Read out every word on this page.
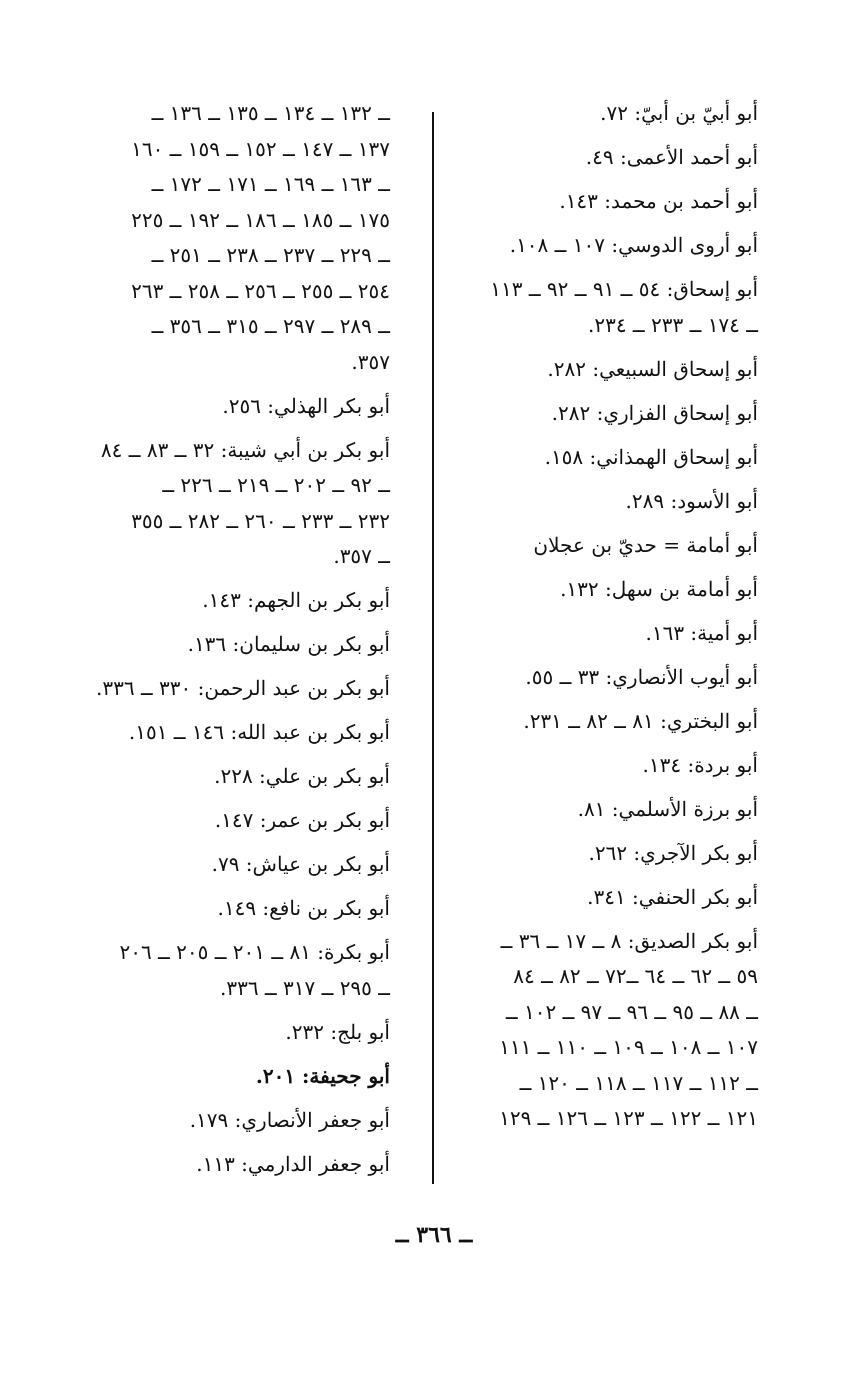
أبو أبيّ بن أبيّ: ٧٢.
أبو أحمد الأعمى: ٤٩.
أبو أحمد بن محمد: ١٤٣.
أبو أروى الدوسي: ١٠٧ ــ ١٠٨.
أبو إسحاق: ٥٤ ــ ٩١ ــ ٩٢ ــ ١١٣
ــ ١٧٤ ــ ٢٣٣ ــ ٢٣٤.
أبو إسحاق السبيعي: ٢٨٢.
أبو إسحاق الفزاري: ٢٨٢.
أبو إسحاق الهمذاني: ١٥٨.
أبو الأسود: ٢٨٩.
أبو أمامة = حديّ بن عجلان
أبو أمامة بن سهل: ١٣٢.
أبو أمية: ١٦٣.
أبو أيوب الأنصاري: ٣٣ ــ ٥٥.
أبو البختري: ٨١ ــ ٨٢ ــ ٢٣١.
أبو بردة: ١٣٤.
أبو برزة الأسلمي: ٨١.
أبو بكر الآجري: ٢٦٢.
أبو بكر الحنفي: ٣٤١.
أبو بكر الصديق: ٨ ــ ١٧ ــ ٣٦ ــ
٥٩ ــ ٦٢ ــ ٦٤ ــ٧٢ ــ ٨٢ ــ ٨٤
ــ ٨٨ ــ ٩٥ ــ ٩٦ ــ ٩٧ ــ ١٠٢ ــ
١٠٧ ــ ١٠٨ ــ ١٠٩ ــ ١١٠ ــ ١١١
ــ ١١٢ ــ ١١٧ ــ ١١٨ ــ ١٢٠ ــ
١٢١ ــ ١٢٢ ــ ١٢٣ ــ ١٢٦ ــ ١٢٩
ــ ١٣٢ ــ ١٣٤ ــ ١٣٥ ــ ١٣٦ ــ
١٣٧ ــ ١٤٧ ــ ١٥٢ ــ ١٥٩ ــ ١٦٠
ــ ١٦٣ ــ ١٦٩ ــ ١٧١ ــ ١٧٢ ــ
١٧٥ ــ ١٨٥ ــ ١٨٦ ــ ١٩٢ ــ ٢٢٥
ــ ٢٢٩ ــ ٢٣٧ ــ ٢٣٨ ــ ٢٥١ ــ
٢٥٤ ــ ٢٥٥ ــ ٢٥٦ ــ ٢٥٨ ــ ٢٦٣
ــ ٢٨٩ ــ ٢٩٧ ــ ٣١٥ ــ ٣٥٦ ــ
٣٥٧.
أبو بكر الهذلي: ٢٥٦.
أبو بكر بن أبي شيبة: ٣٢ ــ ٨٣ ــ ٨٤
ــ ٩٢ ــ ٢٠٢ ــ ٢١٩ ــ ٢٢٦ ــ
٢٣٢ ــ ٢٣٣ ــ ٢٦٠ ــ ٢٨٢ ــ ٣٥٥
ــ ٣٥٧.
أبو بكر بن الجهم: ١٤٣.
أبو بكر بن سليمان: ١٣٦.
أبو بكر بن عبد الرحمن: ٣٣٠ ــ ٣٣٦.
أبو بكر بن عبد الله: ١٤٦ ــ ١٥١.
أبو بكر بن علي: ٢٢٨.
أبو بكر بن عمر: ١٤٧.
أبو بكر بن عياش: ٧٩.
أبو بكر بن نافع: ١٤٩.
أبو بكرة: ٨١ ــ ٢٠١ ــ ٢٠٥ ــ ٢٠٦
ــ ٢٩٥ ــ ٣١٧ ــ ٣٣٦.
أبو بلج: ٢٣٢.
أبو جحيفة: ٢٠١.
أبو جعفر الأنصاري: ١٧٩.
أبو جعفر الدارمي: ١١٣.
ــ ٣٦٦ ــ
